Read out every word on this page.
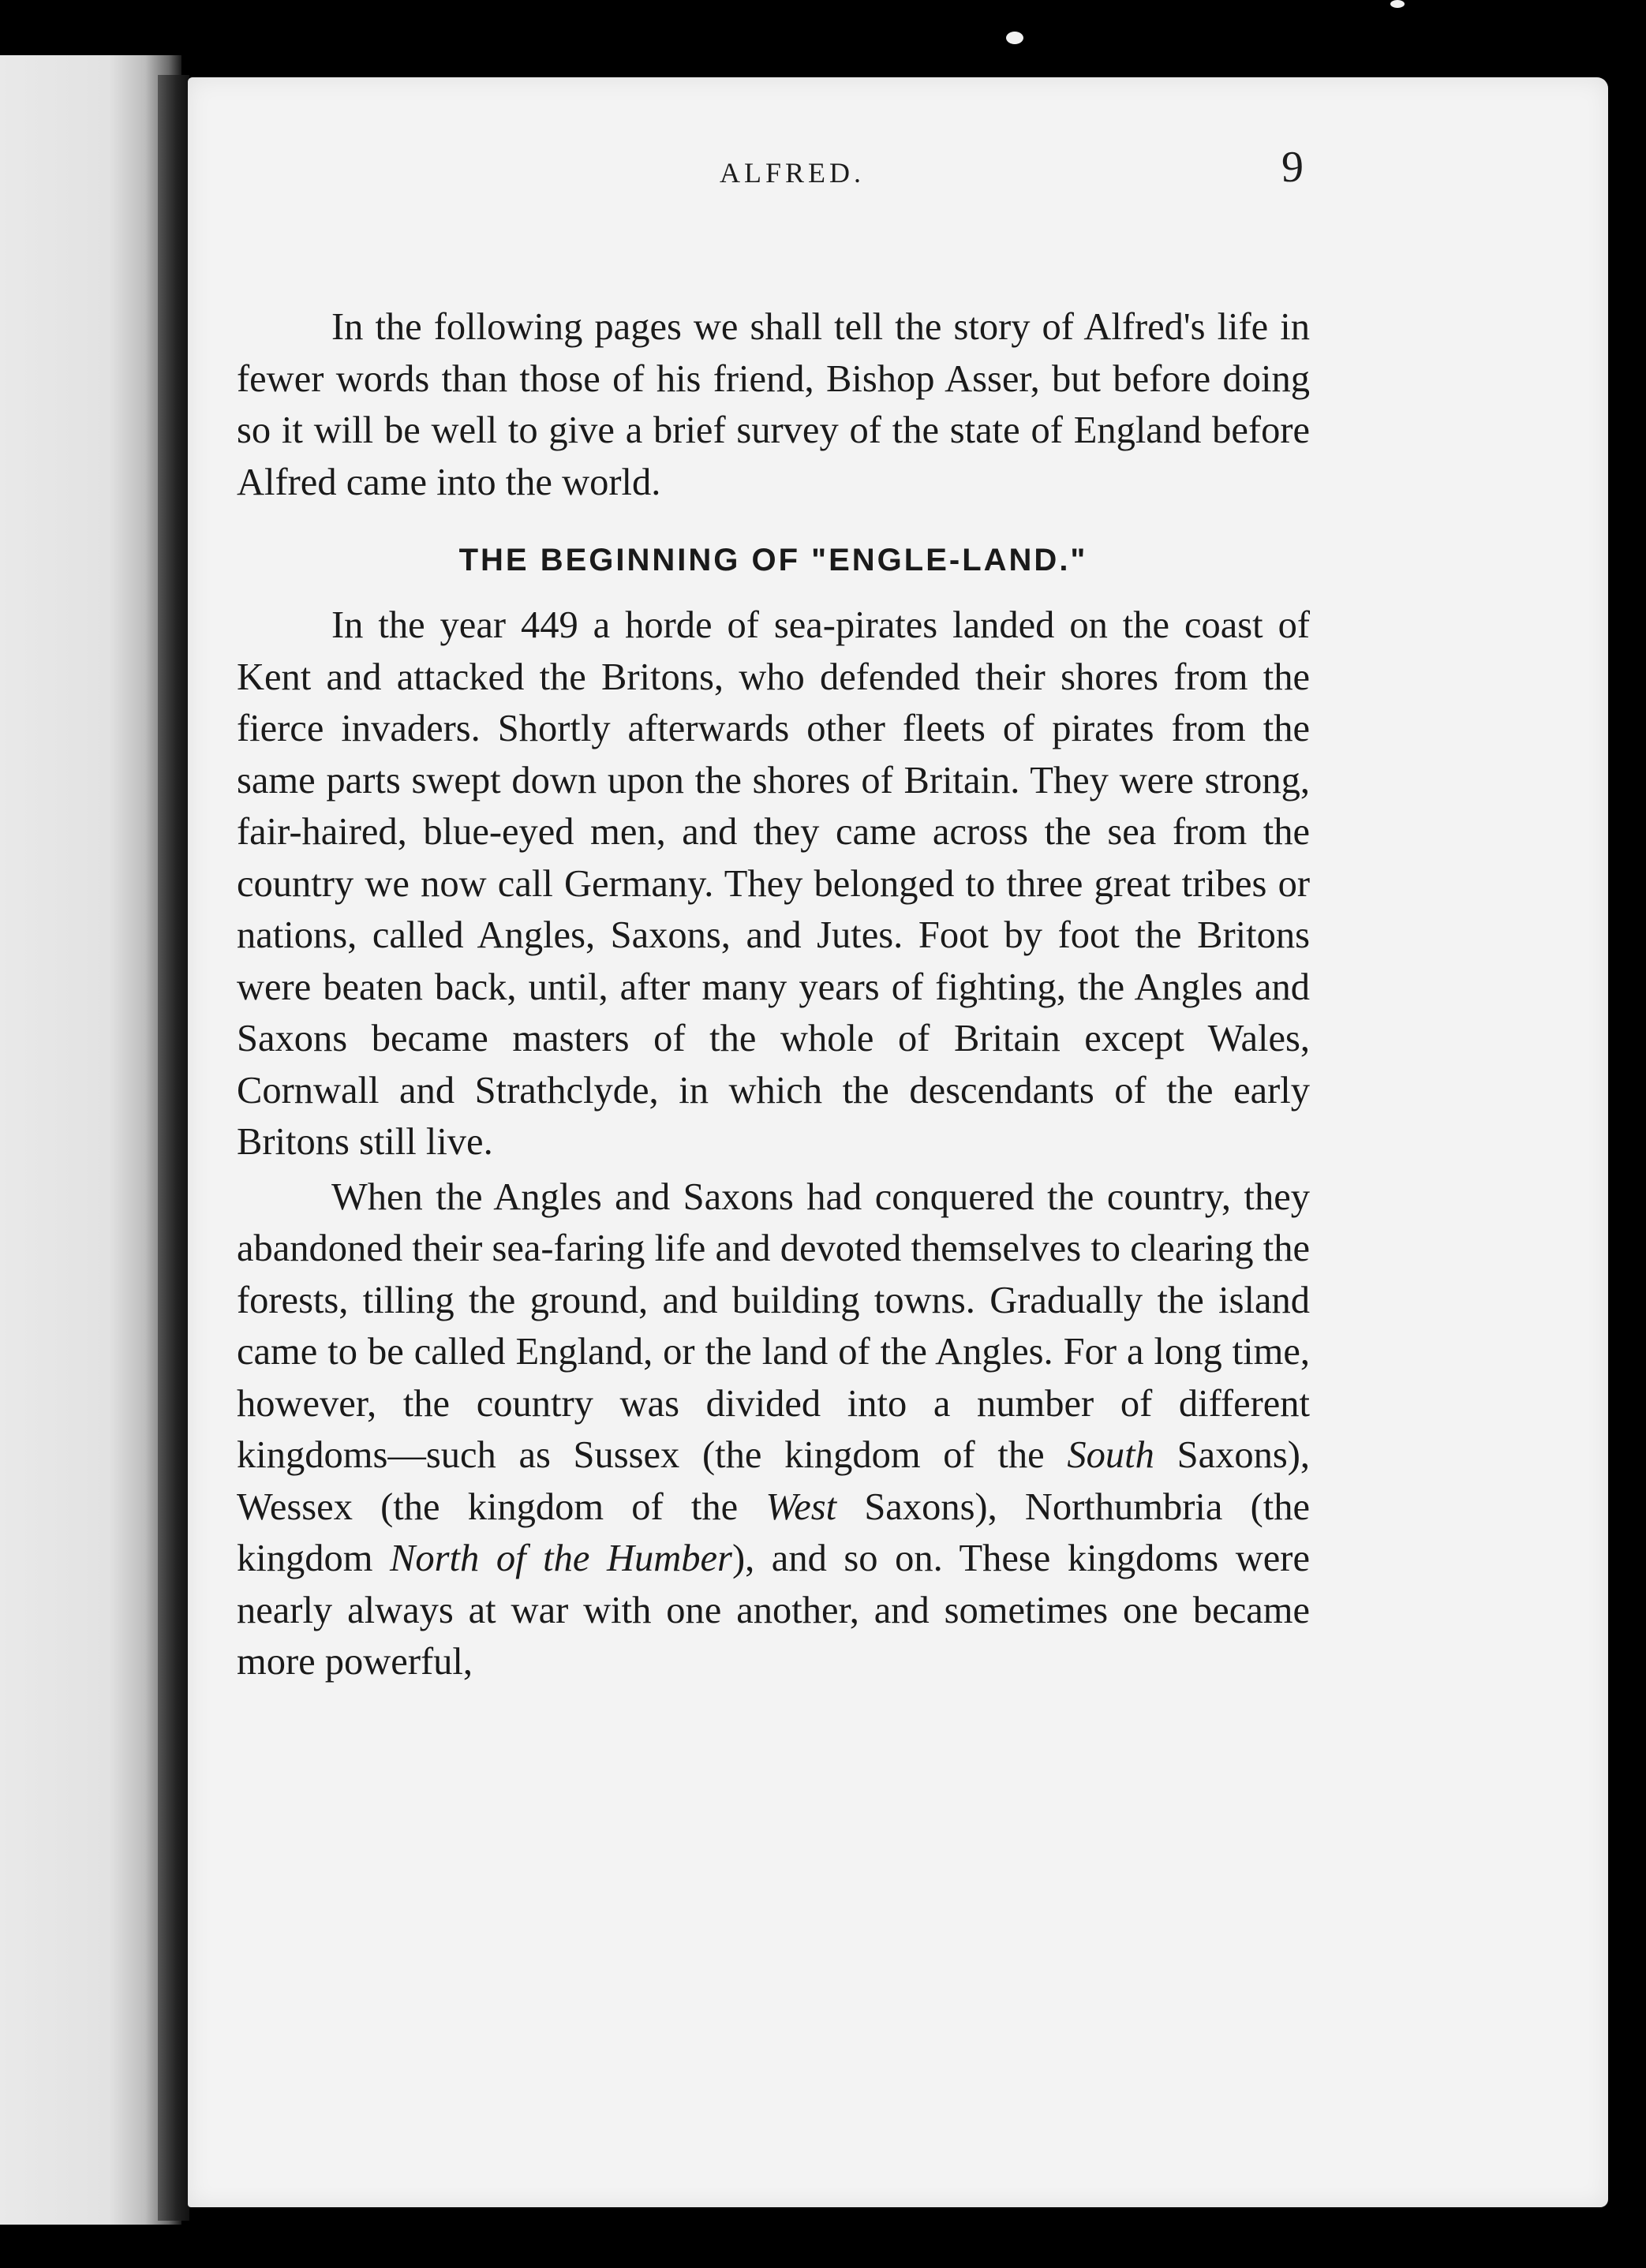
ALFRED.	9

In the following pages we shall tell the story of Alfred's life in fewer words than those of his friend, Bishop Asser, but before doing so it will be well to give a brief survey of the state of England before Alfred came into the world.

THE BEGINNING OF "ENGLE-LAND."

In the year 449 a horde of sea-pirates landed on the coast of Kent and attacked the Britons, who defended their shores from the fierce invaders. Shortly afterwards other fleets of pirates from the same parts swept down upon the shores of Britain. They were strong, fair-haired, blue-eyed men, and they came across the sea from the country we now call Germany. They belonged to three great tribes or nations, called Angles, Saxons, and Jutes. Foot by foot the Britons were beaten back, until, after many years of fighting, the Angles and Saxons became masters of the whole of Britain except Wales, Cornwall and Strathclyde, in which the descendants of the early Britons still live.

When the Angles and Saxons had conquered the country, they abandoned their sea-faring life and devoted themselves to clearing the forests, tilling the ground, and building towns. Gradually the island came to be called England, or the land of the Angles. For a long time, however, the country was divided into a number of different kingdoms—such as Sussex (the kingdom of the South Saxons), Wessex (the kingdom of the West Saxons), Northumbria (the kingdom North of the Humber), and so on. These kingdoms were nearly always at war with one another, and sometimes one became more powerful,
